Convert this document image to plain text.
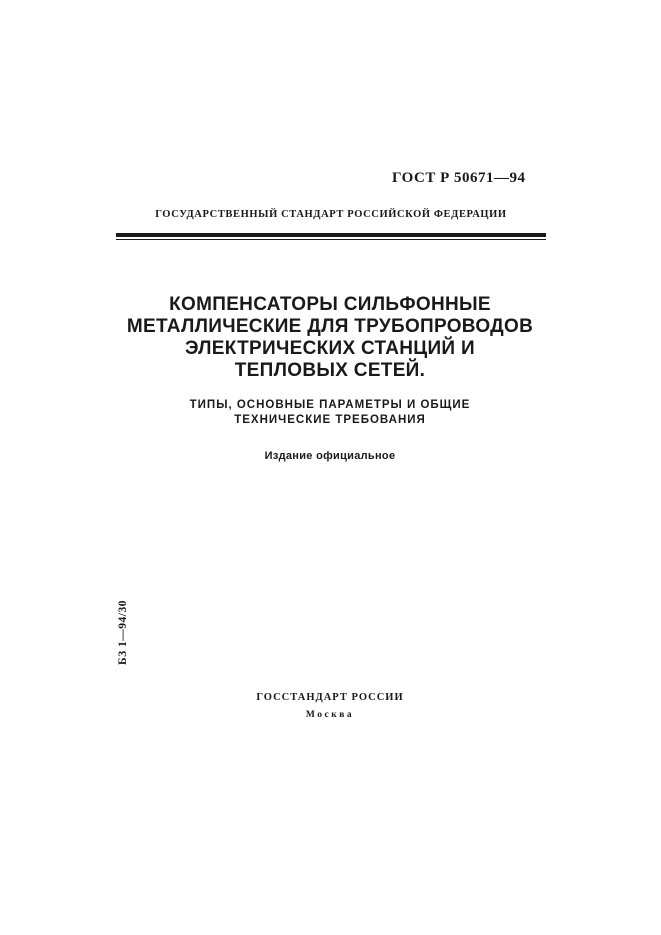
ГОСТ Р 50671—94
ГОСУДАРСТВЕННЫЙ СТАНДАРТ РОССИЙСКОЙ ФЕДЕРАЦИИ
КОМПЕНСАТОРЫ СИЛЬФОННЫЕ
МЕТАЛЛИЧЕСКИЕ ДЛЯ ТРУБОПРОВОДОВ
ЭЛЕКТРИЧЕСКИХ СТАНЦИЙ И
ТЕПЛОВЫХ СЕТЕЙ.
ТИПЫ, ОСНОВНЫЕ ПАРАМЕТРЫ И ОБЩИЕ
ТЕХНИЧЕСКИЕ ТРЕБОВАНИЯ
Издание официальное
БЗ 1—94/30
ГОССТАНДАРТ РОССИИ
Москва
